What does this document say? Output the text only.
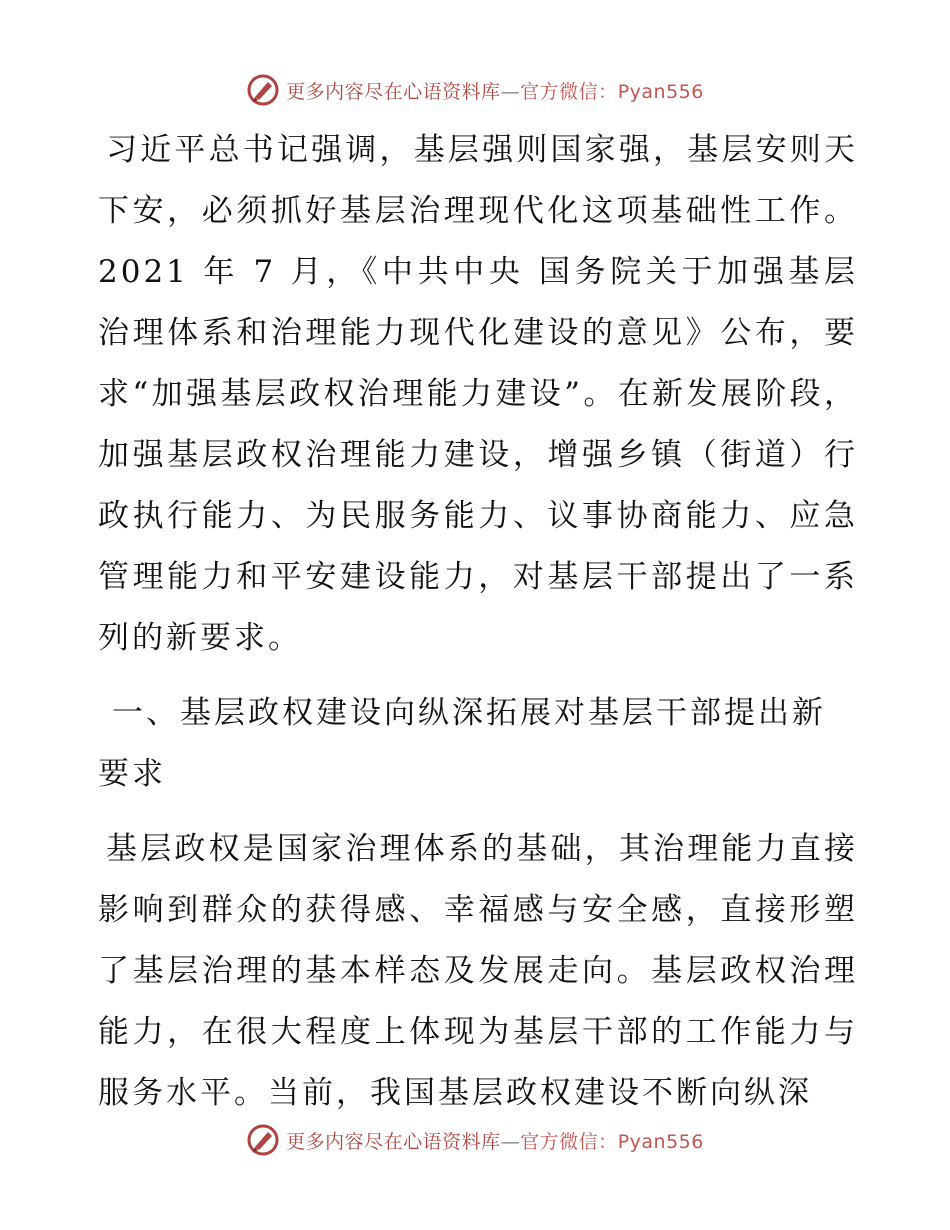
更多内容尽在心语资料库—官方微信：Pyan556

习近平总书记强调，基层强则国家强，基层安则天下安，必须抓好基层治理现代化这项基础性工作。2021 年 7 月，《中共中央 国务院关于加强基层治理体系和治理能力现代化建设的意见》公布，要求“加强基层政权治理能力建设”。在新发展阶段，加强基层政权治理能力建设，增强乡镇（街道）行政执行能力、为民服务能力、议事协商能力、应急管理能力和平安建设能力，对基层干部提出了一系列的新要求。

一、基层政权建设向纵深拓展对基层干部提出新要求

基层政权是国家治理体系的基础，其治理能力直接影响到群众的获得感、幸福感与安全感，直接形塑了基层治理的基本样态及发展走向。基层政权治理能力，在很大程度上体现为基层干部的工作能力与服务水平。当前，我国基层政权建设不断向纵深

更多内容尽在心语资料库—官方微信：Pyan556
